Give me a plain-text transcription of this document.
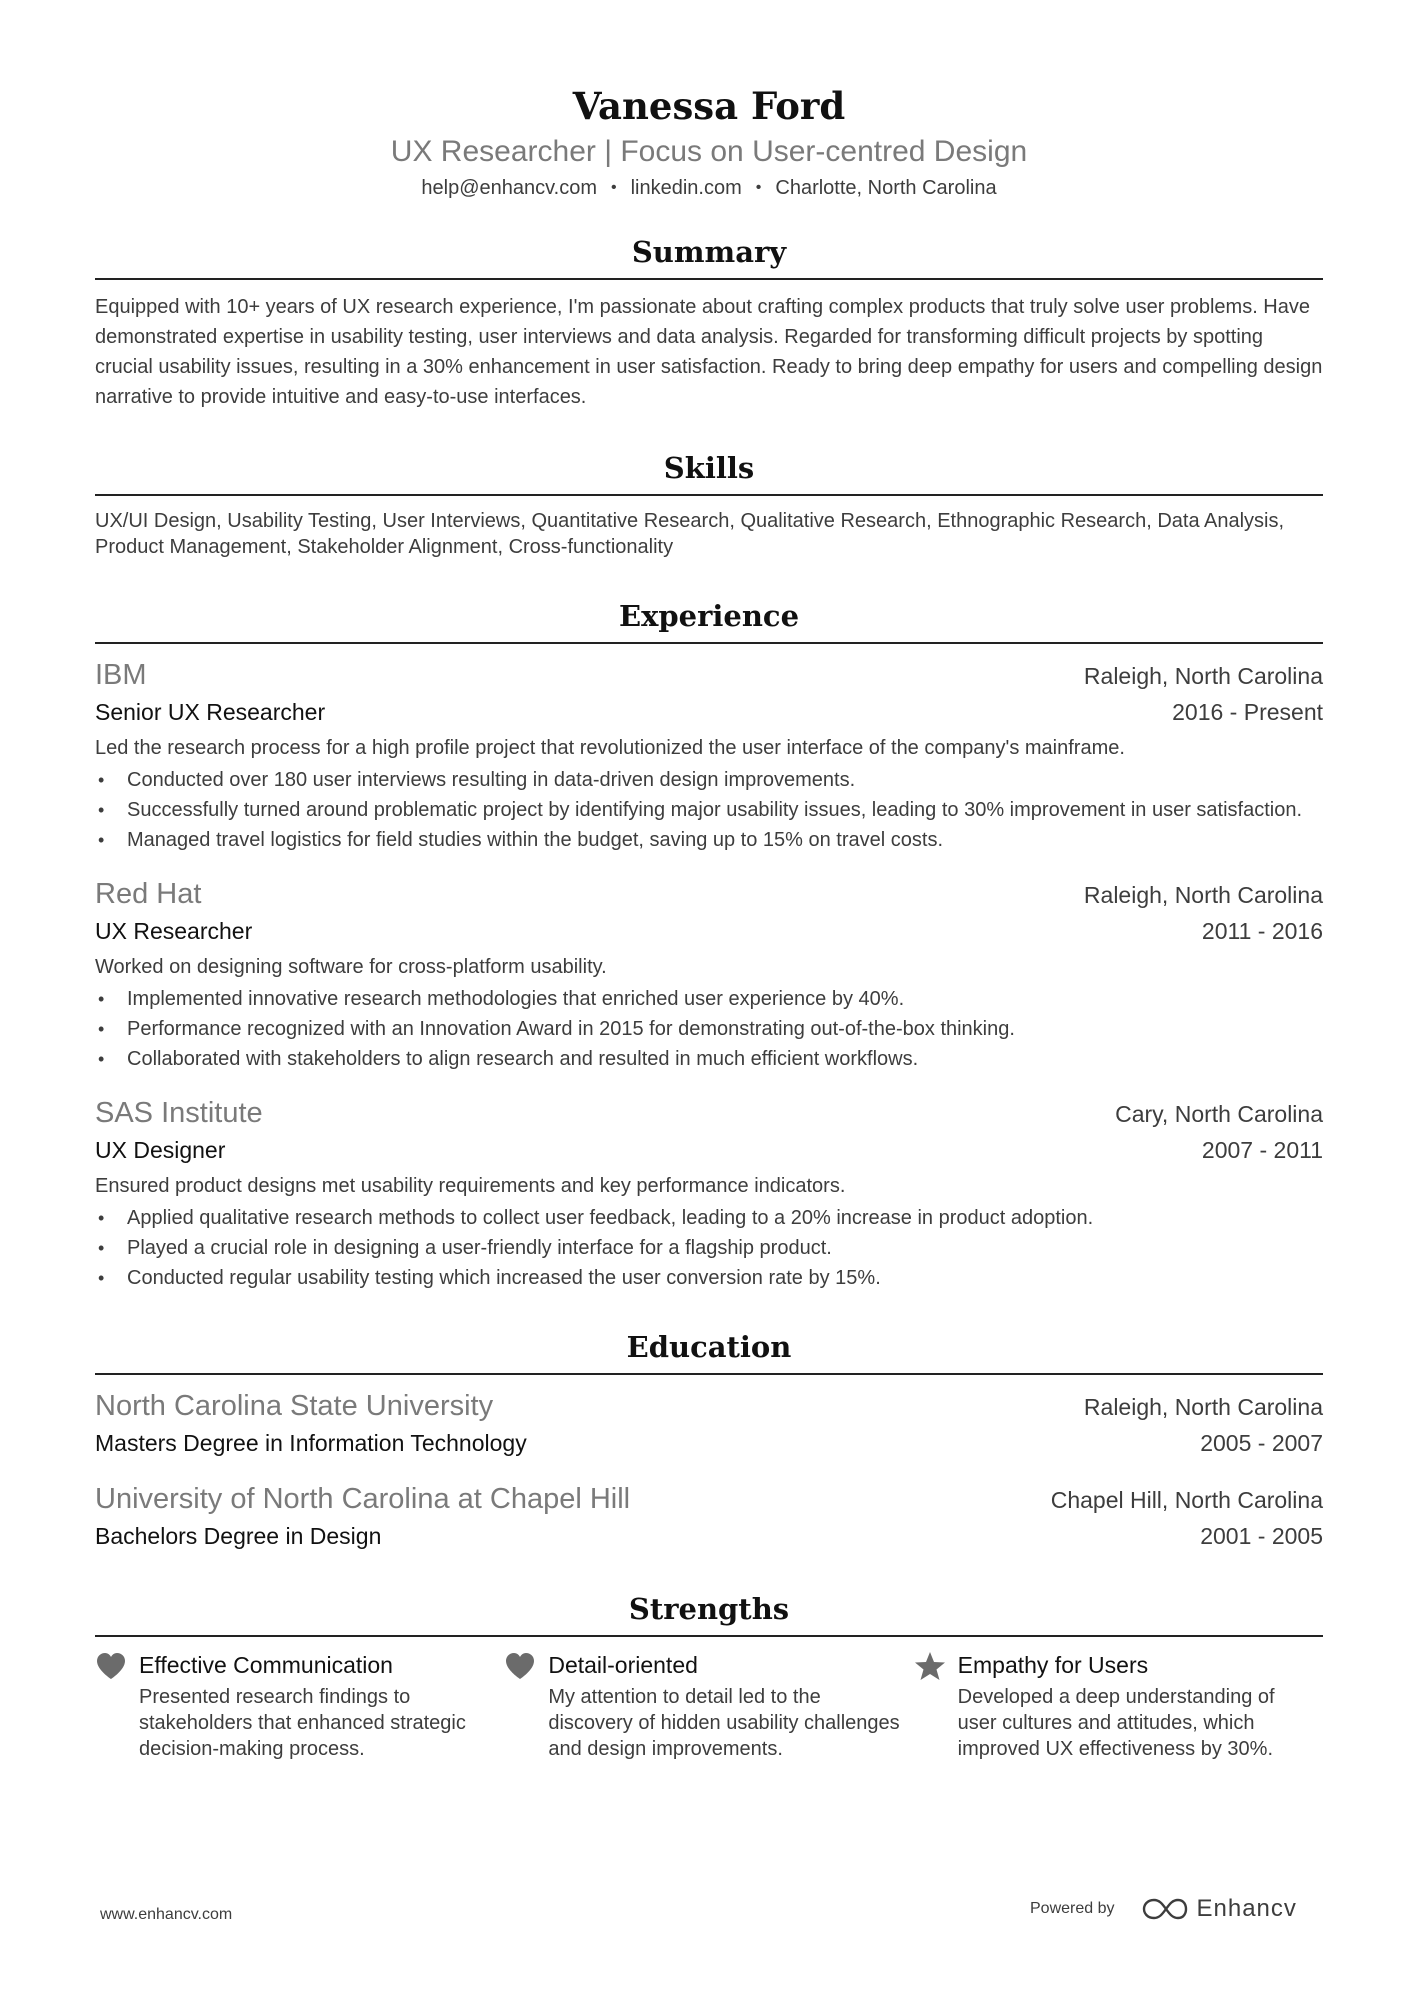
Vanessa Ford
UX Researcher | Focus on User-centred Design
help@enhancv.com • linkedin.com • Charlotte, North Carolina
Summary
Equipped with 10+ years of UX research experience, I'm passionate about crafting complex products that truly solve user problems. Have demonstrated expertise in usability testing, user interviews and data analysis. Regarded for transforming difficult projects by spotting crucial usability issues, resulting in a 30% enhancement in user satisfaction. Ready to bring deep empathy for users and compelling design narrative to provide intuitive and easy-to-use interfaces.
Skills
UX/UI Design, Usability Testing, User Interviews, Quantitative Research, Qualitative Research, Ethnographic Research, Data Analysis, Product Management, Stakeholder Alignment, Cross-functionality
Experience
IBM	Raleigh, North Carolina
Senior UX Researcher	2016 - Present
Led the research process for a high profile project that revolutionized the user interface of the company's mainframe.
• Conducted over 180 user interviews resulting in data-driven design improvements.
• Successfully turned around problematic project by identifying major usability issues, leading to 30% improvement in user satisfaction.
• Managed travel logistics for field studies within the budget, saving up to 15% on travel costs.
Red Hat	Raleigh, North Carolina
UX Researcher	2011 - 2016
Worked on designing software for cross-platform usability.
• Implemented innovative research methodologies that enriched user experience by 40%.
• Performance recognized with an Innovation Award in 2015 for demonstrating out-of-the-box thinking.
• Collaborated with stakeholders to align research and resulted in much efficient workflows.
SAS Institute	Cary, North Carolina
UX Designer	2007 - 2011
Ensured product designs met usability requirements and key performance indicators.
• Applied qualitative research methods to collect user feedback, leading to a 20% increase in product adoption.
• Played a crucial role in designing a user-friendly interface for a flagship product.
• Conducted regular usability testing which increased the user conversion rate by 15%.
Education
North Carolina State University	Raleigh, North Carolina
Masters Degree in Information Technology	2005 - 2007
University of North Carolina at Chapel Hill	Chapel Hill, North Carolina
Bachelors Degree in Design	2001 - 2005
Strengths
Effective Communication
Presented research findings to stakeholders that enhanced strategic decision-making process.
Detail-oriented
My attention to detail led to the discovery of hidden usability challenges and design improvements.
Empathy for Users
Developed a deep understanding of user cultures and attitudes, which improved UX effectiveness by 30%.
www.enhancv.com	Powered by	Enhancv
